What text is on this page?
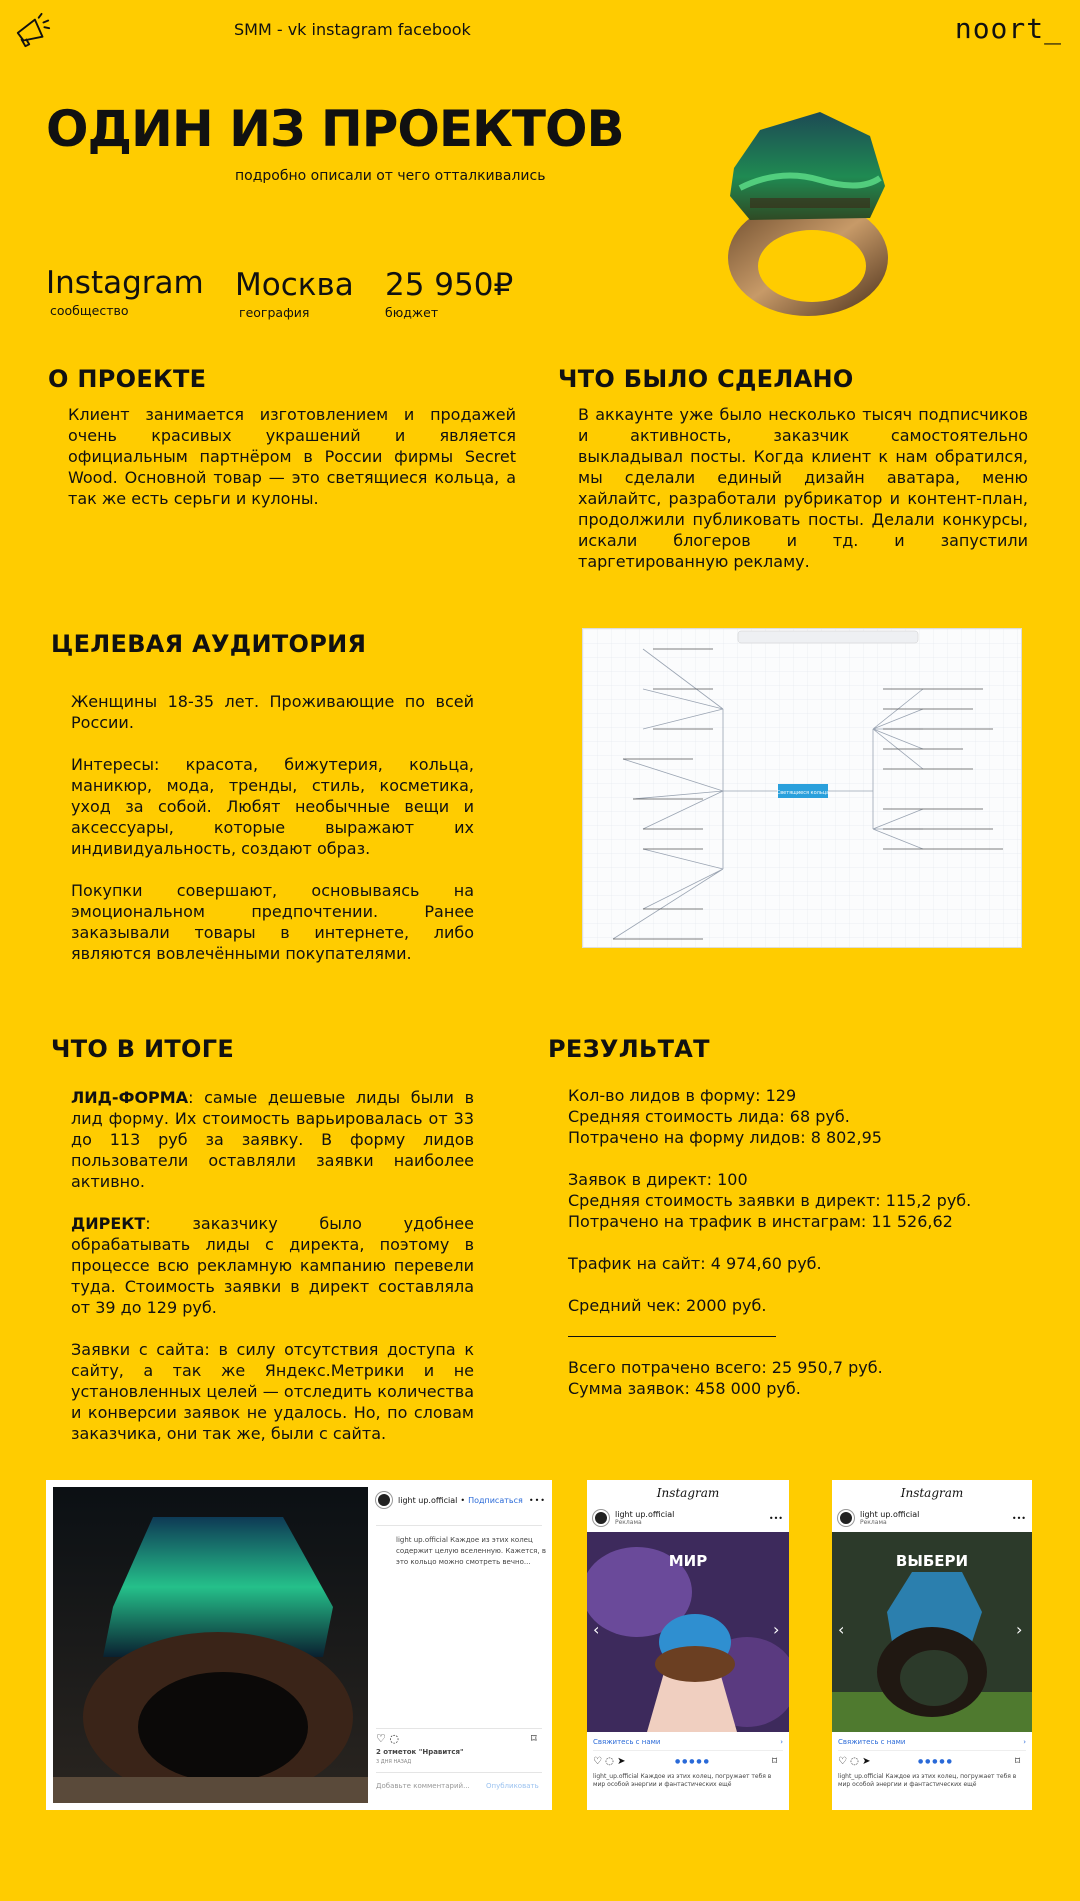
SMM - vk instagram facebook	noort_
ОДИН ИЗ ПРОЕКТОВ
подробно описали от чего отталкивались
Instagram
сообщество
Москва
география
25 950₽
бюджет
О ПРОЕКТЕ
Клиент занимается изготовлением и продажей очень красивых украшений и является официальным партнёром в России фирмы Secret Wood. Основной товар — это светящиеся кольца, а так же есть серьги и кулоны.
ЧТО БЫЛО СДЕЛАНО
В аккаунте уже было несколько тысяч подписчиков и активность, заказчик самостоятельно выкладывал посты. Когда клиент к нам обратился, мы сделали единый дизайн аватара, меню хайлайтс, разработали рубрикатор и контент-план, продолжили публиковать посты. Делали конкурсы, искали блогеров и тд. и запустили таргетированную рекламу.
ЦЕЛЕВАЯ АУДИТОРИЯ

Женщины 18-35 лет. Проживающие по всей России.

Интересы: красота, бижутерия, кольца, маникюр, мода, тренды, стиль, косметика, уход за собой. Любят необычные вещи и аксессуары, которые выражают их индивидуальность, создают образ.

Покупки совершают, основываясь на эмоциональном предпочтении. Ранее заказывали товары в интернете, либо являются вовлечёнными покупателями.

Светящиеся кольца
ЧТО В ИТОГЕ

ЛИД-ФОРМА: самые дешевые лиды были в лид форму. Их стоимость варьировалась от 33 до 113 руб за заявку. В форму лидов пользователи оставляли заявки наиболее активно.

ДИРЕКТ: заказчику было удобнее обрабатывать лиды с директа, поэтому в процессе всю рекламную кампанию перевели туда. Стоимость заявки в директ составляла от 39 до 129 руб.

Заявки с сайта: в силу отсутствия доступа к сайту, а так же Яндекс.Метрики и не установленных целей — отследить количества и конверсии заявок не удалось. Но, по словам заказчика, они так же, были с сайта.

РЕЗУЛЬТАТ
Кол-во лидов в форму: 129
Средняя стоимость лида: 68 руб.
Потрачено на форму лидов: 8 802,95
Заявок в директ: 100
Средняя стоимость заявки в директ: 115,2 руб.
Потрачено на трафик в инстаграм: 11 526,62
Трафик на сайт: 4 974,60 руб.
Средний чек: 2000 руб.
Всего потрачено всего: 25 950,7 руб.
Сумма заявок: 458 000 руб.
light up.official • Подписаться •••
light up.official Каждое из этих колец содержит целую вселенную. Кажется, в это кольцо можно смотреть вечно...
♡ ◌	⌑
2 отметок "Нравится"
3 ДНЯ НАЗАД
Добавьте комментарий... Опубликовать
Instagram
light up.official
Реклама	•••
МИР
‹	›
Свяжитесь с нами	›
♡ ◌ ➤	● ● ● ● ●	⌑
light_up.official Каждое из этих колец, погружает тебя в мир особой энергии и фантастических ещё
Instagram
light up.official
Реклама	•••
ВЫБЕРИ
‹	›
Свяжитесь с нами	›
♡ ◌ ➤	● ● ● ● ●	⌑
light_up.official Каждое из этих колец, погружает тебя в мир особой энергии и фантастических ещё
